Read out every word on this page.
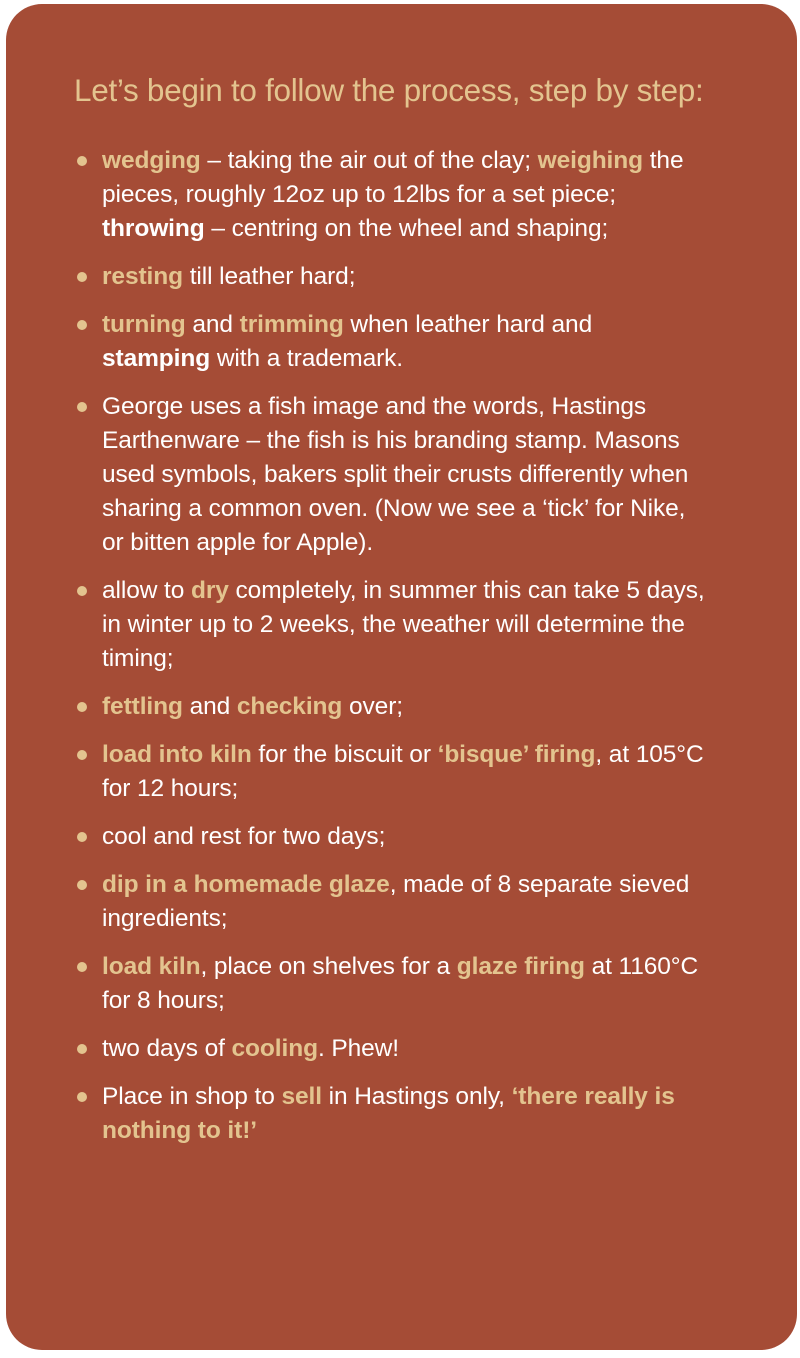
Let’s begin to follow the process, step by step:
wedging – taking the air out of the clay; weighing the pieces, roughly 12oz up to 12lbs for a set piece; throwing – centring on the wheel and shaping;
resting till leather hard;
turning and trimming when leather hard and stamping with a trademark.
George uses a fish image and the words, Hastings Earthenware – the fish is his branding stamp. Masons used symbols, bakers split their crusts differently when sharing a common oven. (Now we see a ‘tick’ for Nike, or bitten apple for Apple).
allow to dry completely, in summer this can take 5 days, in winter up to 2 weeks, the weather will determine the timing;
fettling and checking over;
load into kiln for the biscuit or ‘bisque’ firing, at 105°C for 12 hours;
cool and rest for two days;
dip in a homemade glaze, made of 8 separate sieved ingredients;
load kiln, place on shelves for a glaze firing at 1160°C for 8 hours;
two days of cooling. Phew!
Place in shop to sell in Hastings only, ‘there really is nothing to it!’
